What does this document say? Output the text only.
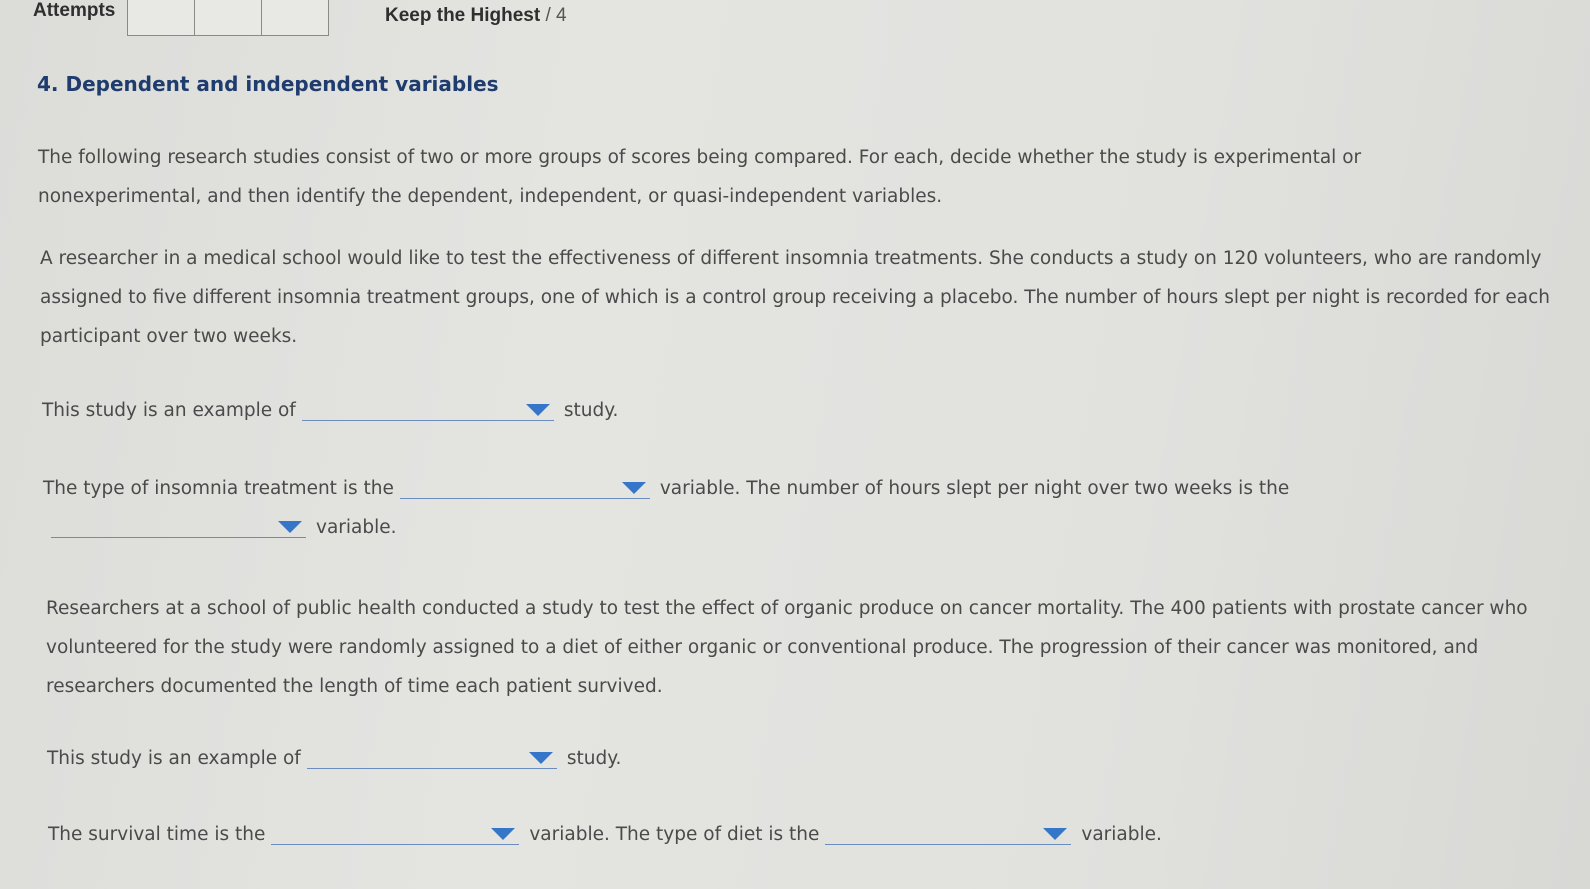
Attempts	Keep the Highest / 4
4. Dependent and independent variables

The following research studies consist of two or more groups of scores being compared. For each, decide whether the study is experimental or nonexperimental, and then identify the dependent, independent, or quasi-independent variables.

A researcher in a medical school would like to test the effectiveness of different insomnia treatments. She conducts a study on 120 volunteers, who are randomly assigned to five different insomnia treatment groups, one of which is a control group receiving a placebo. The number of hours slept per night is recorded for each participant over two weeks.

This study is an example of	study.
The type of insomnia treatment is the	variable. The number of hours slept per night over two weeks is the
variable.

Researchers at a school of public health conducted a study to test the effect of organic produce on cancer mortality. The 400 patients with prostate cancer who volunteered for the study were randomly assigned to a diet of either organic or conventional produce. The progression of their cancer was monitored, and researchers documented the length of time each patient survived.

This study is an example of	study.
The survival time is the	variable. The type of diet is the	variable.
